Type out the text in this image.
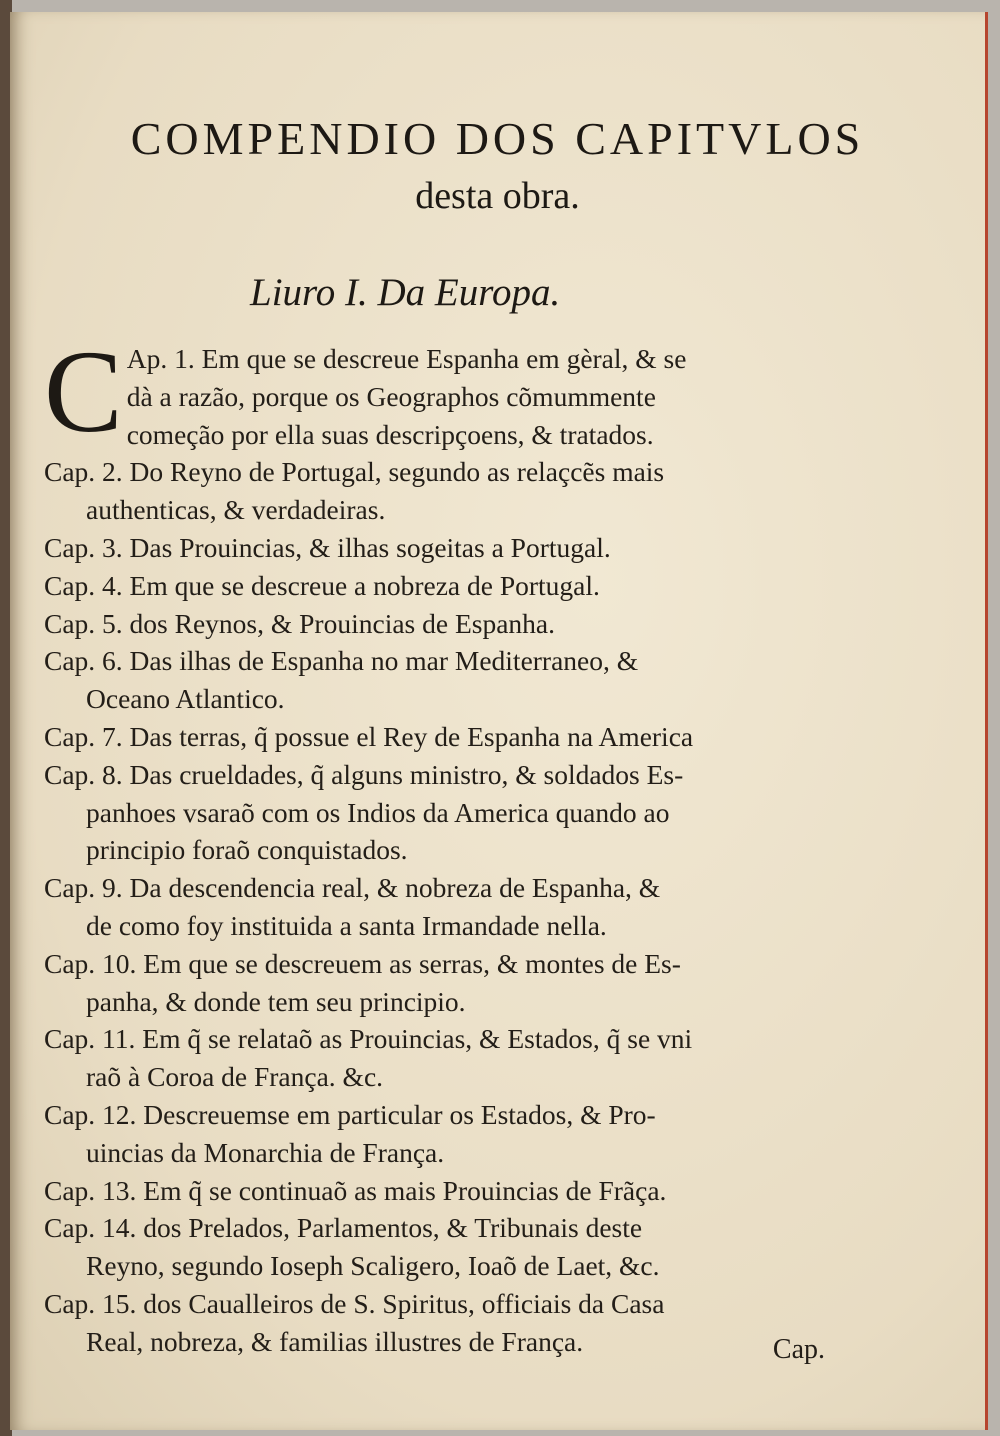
COMPENDIO DOS CAPITVLOS
desta obra.
Liuro I. Da Europa.
C Ap. 1. Em que se descreue Espanha em gèral, & se
dà a razão, porque os Geographos cõmummente
começão por ella suas descripçoens, & tratados.
Cap. 2. Do Reyno de Portugal, segundo as relaçcẽs mais
authenticas, & verdadeiras.
Cap. 3. Das Prouincias, & ilhas sogeitas a Portugal.
Cap. 4. Em que se descreue a nobreza de Portugal.
Cap. 5. dos Reynos, & Prouincias de Espanha.
Cap. 6. Das ilhas de Espanha no mar Mediterraneo, &
Oceano Atlantico.
Cap. 7. Das terras, q̃ possue el Rey de Espanha na America
Cap. 8. Das crueldades, q̃ alguns ministro, & soldados Es-
panhoes vsaraõ com os Indios da America quando ao
principio foraõ conquistados.
Cap. 9. Da descendencia real, & nobreza de Espanha, &
de como foy instituida a santa Irmandade nella.
Cap. 10. Em que se descreuem as serras, & montes de Es-
panha, & donde tem seu principio.
Cap. 11. Em q̃ se relataõ as Prouincias, & Estados, q̃ se vni
raõ à Coroa de França. &c.
Cap. 12. Descreuemse em particular os Estados, & Pro-
uincias da Monarchia de França.
Cap. 13. Em q̃ se continuaõ as mais Prouincias de Frãça.
Cap. 14. dos Prelados, Parlamentos, & Tribunais deste
Reyno, segundo Ioseph Scaligero, Ioaõ de Laet, &c.
Cap. 15. dos Caualleiros de S. Spiritus, officiais da Casa
Real, nobreza, & familias illustres de França.	Cap.
